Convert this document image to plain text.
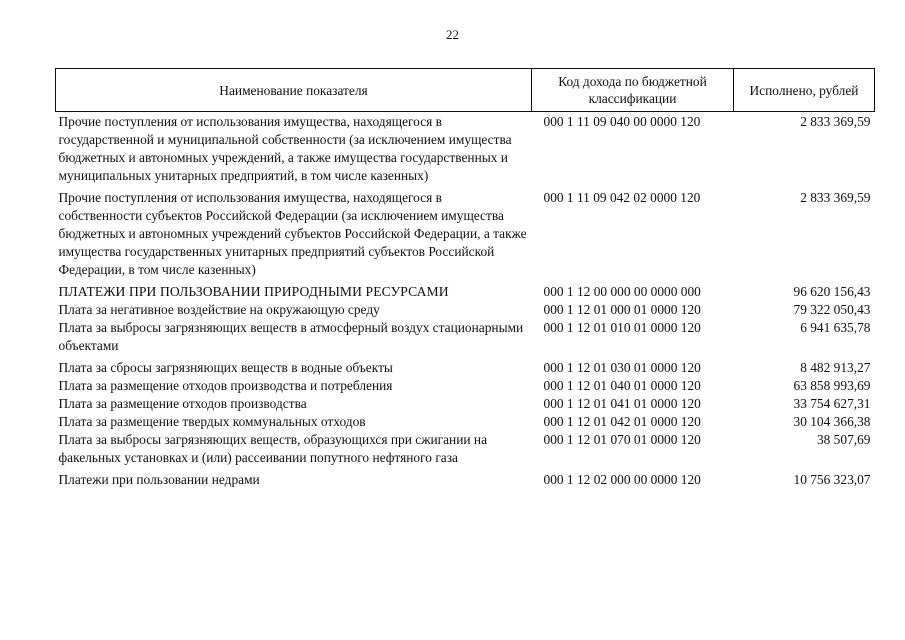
22
Наименование показателя	Код дохода по бюджетной классификации	Исполнено, рублей
Прочие поступления от использования имущества, находящегося в государственной и муниципальной собственности (за исключением имущества бюджетных и автономных учреждений, а также имущества государственных и муниципальных унитарных предприятий, в том числе казенных)	000 1 11 09 040 00 0000 120	2 833 369,59
Прочие поступления от использования имущества, находящегося в собственности субъектов Российской Федерации (за исключением имущества бюджетных и автономных учреждений субъектов Российской Федерации, а также имущества государственных унитарных предприятий субъектов Российской Федерации, в том числе казенных)	000 1 11 09 042 02 0000 120	2 833 369,59
ПЛАТЕЖИ ПРИ ПОЛЬЗОВАНИИ ПРИРОДНЫМИ РЕСУРСАМИ	000 1 12 00 000 00 0000 000	96 620 156,43
Плата за негативное воздействие на окружающую среду	000 1 12 01 000 01 0000 120	79 322 050,43
Плата за выбросы загрязняющих веществ в атмосферный воздух стационарными объектами	000 1 12 01 010 01 0000 120	6 941 635,78
Плата за сбросы загрязняющих веществ в водные объекты	000 1 12 01 030 01 0000 120	8 482 913,27
Плата за размещение отходов производства и потребления	000 1 12 01 040 01 0000 120	63 858 993,69
Плата за размещение отходов производства	000 1 12 01 041 01 0000 120	33 754 627,31
Плата за размещение твердых коммунальных отходов	000 1 12 01 042 01 0000 120	30 104 366,38
Плата за выбросы загрязняющих веществ, образующихся при сжигании на факельных установках и (или) рассеивании попутного нефтяного газа	000 1 12 01 070 01 0000 120	38 507,69
Платежи при пользовании недрами	000 1 12 02 000 00 0000 120	10 756 323,07
